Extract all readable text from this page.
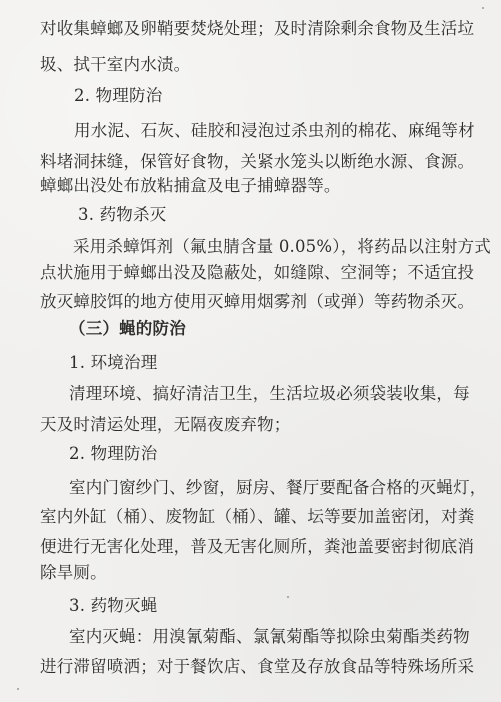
对收集蟑螂及卵鞘要焚烧处理；及时清除剩余食物及生活垃
圾、拭干室内水渍。
2. 物理防治
用水泥、石灰、硅胶和浸泡过杀虫剂的棉花、麻绳等材
料堵洞抹缝，保管好食物，关紧水笼头以断绝水源、食源。
蟑螂出没处布放粘捕盒及电子捕蟑器等。
3. 药物杀灭
采用杀蟑饵剂（氟虫腈含量 0.05%），将药品以注射方式
点状施用于蟑螂出没及隐蔽处，如缝隙、空洞等；不适宜投
放灭蟑胶饵的地方使用灭蟑用烟雾剂（或弹）等药物杀灭。
（三）蝇的防治
1. 环境治理
清理环境、搞好清洁卫生，生活垃圾必须袋装收集，每
天及时清运处理，无隔夜废弃物；
2. 物理防治
室内门窗纱门、纱窗，厨房、餐厅要配备合格的灭蝇灯，
室内外缸（桶）、废物缸（桶）、罐、坛等要加盖密闭，对粪
便进行无害化处理，普及无害化厕所，粪池盖要密封彻底消
除旱厕。
3. 药物灭蝇
室内灭蝇：用溴氰菊酯、氯氰菊酯等拟除虫菊酯类药物
进行滞留喷洒；对于餐饮店、食堂及存放食品等特殊场所采
